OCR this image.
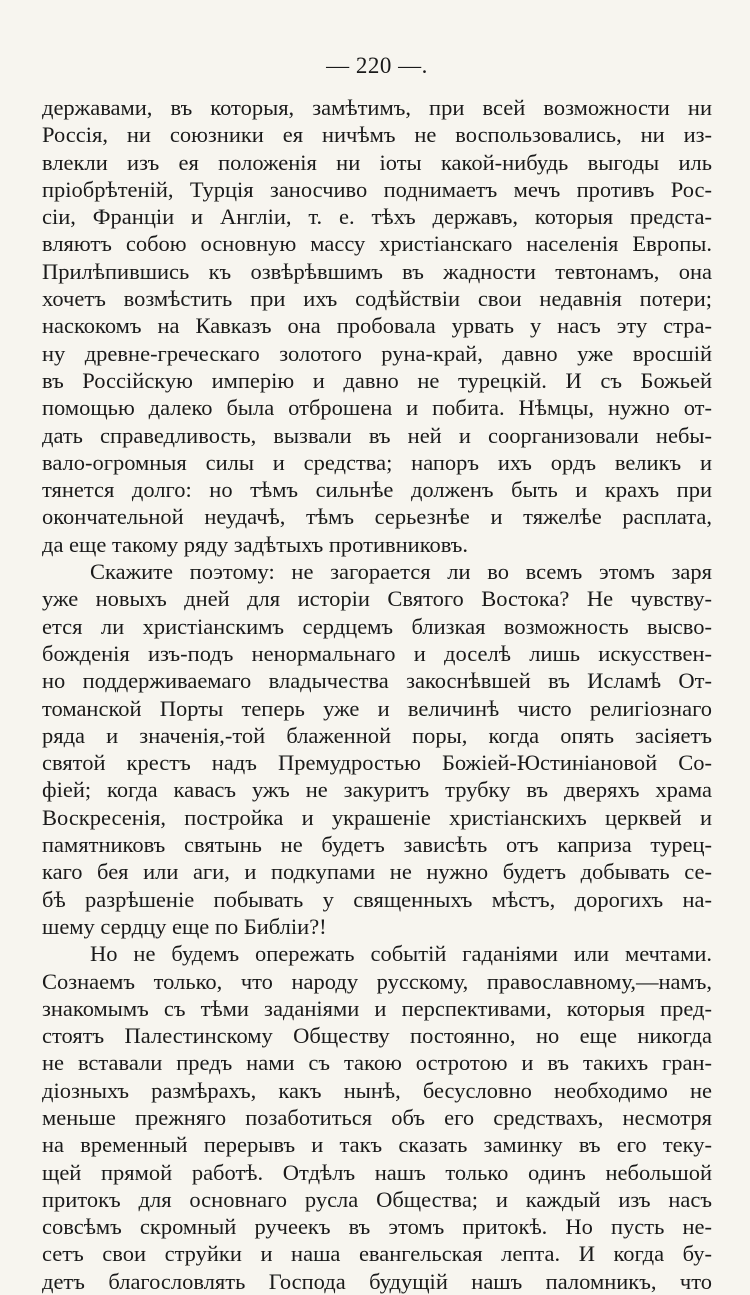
— 220 —.
державами, въ которыя, замѣтимъ, при всей возможности ни
Россія, ни союзники ея ничѣмъ не воспользовались, ни из-
влекли изъ ея положенія ни іоты какой-нибудь выгоды иль
пріобрѣтеній, Турція заносчиво поднимаетъ мечъ противъ Рос-
сіи, Франціи и Англіи, т. е. тѣхъ державъ, которыя предста-
вляютъ собою основную массу христіанскаго населенія Европы.
Прилѣпившись къ озвѣрѣвшимъ въ жадности тевтонамъ, она
хочетъ возмѣстить при ихъ содѣйствіи свои недавнія потери;
наскокомъ на Кавказъ она пробовала урвать у насъ эту стра-
ну древне-греческаго золотого руна-край, давно уже вросшій
въ Россійскую имперію и давно не турецкій. И съ Божьей
помощью далеко была отброшена и побита. Нѣмцы, нужно от-
дать справедливость, вызвали въ ней и соорганизовали небы-
вало-огромныя силы и средства; напоръ ихъ ордъ великъ и
тянется долго: но тѣмъ сильнѣе долженъ быть и крахъ при
окончательной неудачѣ, тѣмъ серьезнѣе и тяжелѣе расплата,
да еще такому ряду задѣтыхъ противниковъ.
Скажите поэтому: не загорается ли во всемъ этомъ заря
уже новыхъ дней для исторіи Святого Востока? Не чувству-
ется ли христіанскимъ сердцемъ близкая возможность высво-
божденія изъ-подъ ненормальнаго и доселѣ лишь искусствен-
но поддерживаемаго владычества закоснѣвшей въ Исламѣ От-
томанской Порты теперь уже и величинѣ чисто религіознаго
ряда и значенія,-той блаженной поры, когда опять засіяетъ
святой крестъ надъ Премудростью Божіей-Юстиніановой Со-
фіей; когда кавасъ ужъ не закуритъ трубку въ дверяхъ храма
Воскресенія, постройка и украшеніе христіанскихъ церквей и
памятниковъ святынь не будетъ зависѣть отъ каприза турец-
каго бея или аги, и подкупами не нужно будетъ добывать се-
бѣ разрѣшеніе побывать у священныхъ мѣстъ, дорогихъ на-
шему сердцу еще по Библіи?!
Но не будемъ опережать событій гаданіями или мечтами.
Сознаемъ только, что народу русскому, православному,—намъ,
знакомымъ съ тѣми заданіями и перспективами, которыя пред-
стоятъ Палестинскому Обществу постоянно, но еще никогда
не вставали предъ нами съ такою остротою и въ такихъ гран-
діозныхъ размѣрахъ, какъ нынѣ, бесусловно необходимо не
меньше прежняго позаботиться объ его средствахъ, несмотря
на временный перерывъ и такъ сказать заминку въ его теку-
щей прямой работѣ. Отдѣлъ нашъ только одинъ небольшой
притокъ для основнаго русла Общества; и каждый изъ насъ
совсѣмъ скромный ручеекъ въ этомъ притокѣ. Но пусть не-
сетъ свои струйки и наша евангельская лепта. И когда бу-
детъ благословлять Господа будущій нашъ паломникъ, что
